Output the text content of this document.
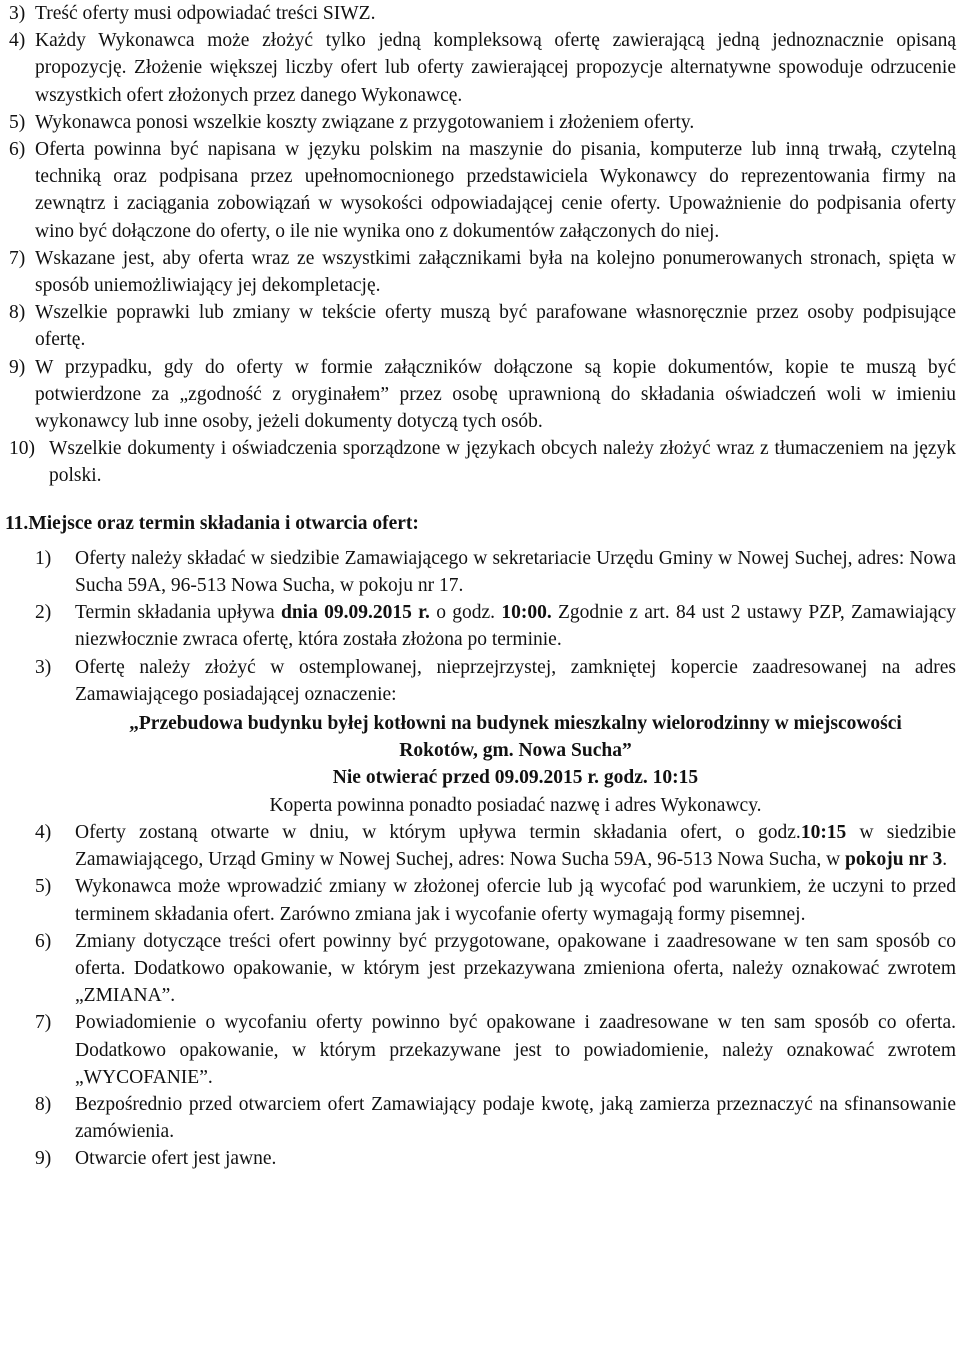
3) Treść oferty musi odpowiadać treści SIWZ.
4) Każdy Wykonawca może złożyć tylko jedną kompleksową ofertę zawierającą jedną jednoznacznie opisaną propozycję. Złożenie większej liczby ofert lub oferty zawierającej propozycje alternatywne spowoduje odrzucenie wszystkich ofert złożonych przez danego Wykonawcę.
5) Wykonawca ponosi wszelkie koszty związane z przygotowaniem i złożeniem oferty.
6) Oferta powinna być napisana w języku polskim na maszynie do pisania, komputerze lub inną trwałą, czytelną techniką oraz podpisana przez upełnomocnionego przedstawiciela Wykonawcy do reprezentowania firmy na zewnątrz i zaciągania zobowiązań w wysokości odpowiadającej cenie oferty. Upoważnienie do podpisania oferty wino być dołączone do oferty, o ile nie wynika ono z dokumentów załączonych do niej.
7) Wskazane jest, aby oferta wraz ze wszystkimi załącznikami była na kolejno ponumerowanych stronach, spięta w sposób uniemożliwiający jej dekompletację.
8) Wszelkie poprawki lub zmiany w tekście oferty muszą być parafowane własnoręcznie przez osoby podpisujące ofertę.
9) W przypadku, gdy do oferty w formie załączników dołączone są kopie dokumentów, kopie te muszą być potwierdzone za „zgodność z oryginałem” przez osobę uprawnioną do składania oświadczeń woli w imieniu wykonawcy lub inne osoby, jeżeli dokumenty dotyczą tych osób.
10) Wszelkie dokumenty i oświadczenia sporządzone w językach obcych należy złożyć wraz z tłumaczeniem na język polski.
11.Miejsce oraz termin składania i otwarcia ofert:
1) Oferty należy składać w siedzibie Zamawiającego w sekretariacie Urzędu Gminy w Nowej Suchej, adres: Nowa Sucha 59A, 96-513 Nowa Sucha, w pokoju nr 17.
2) Termin składania upływa dnia 09.09.2015 r. o godz. 10:00. Zgodnie z art. 84 ust 2 ustawy PZP, Zamawiający niezwłocznie zwraca ofertę, która została złożona po terminie.
3) Ofertę należy złożyć w ostemplowanej, nieprzejrzystej, zamkniętej kopercie zaadresowanej na adres Zamawiającego posiadającej oznaczenie:
„Przebudowa budynku byłej kotłowni na budynek mieszkalny wielorodzinny w miejscowości Rokotów, gm. Nowa Sucha”
Nie otwierać przed 09.09.2015 r. godz. 10:15
Koperta powinna ponadto posiadać nazwę i adres Wykonawcy.
4) Oferty zostaną otwarte w dniu, w którym upływa termin składania ofert, o godz.10:15 w siedzibie Zamawiającego, Urząd Gminy w Nowej Suchej, adres: Nowa Sucha 59A, 96-513 Nowa Sucha, w pokoju nr 3.
5) Wykonawca może wprowadzić zmiany w złożonej ofercie lub ją wycofać pod warunkiem, że uczyni to przed terminem składania ofert. Zarówno zmiana jak i wycofanie oferty wymagają formy pisemnej.
6) Zmiany dotyczące treści ofert powinny być przygotowane, opakowane i zaadresowane w ten sam sposób co oferta. Dodatkowo opakowanie, w którym jest przekazywana zmieniona oferta, należy oznakować zwrotem „ZMIANA”.
7) Powiadomienie o wycofaniu oferty powinno być opakowane i zaadresowane w ten sam sposób co oferta. Dodatkowo opakowanie, w którym przekazywane jest to powiadomienie, należy oznakować zwrotem „WYCOFANIE”.
8) Bezpośrednio przed otwarciem ofert Zamawiający podaje kwotę, jaką zamierza przeznaczyć na sfinansowanie zamówienia.
9) Otwarcie ofert jest jawne.
